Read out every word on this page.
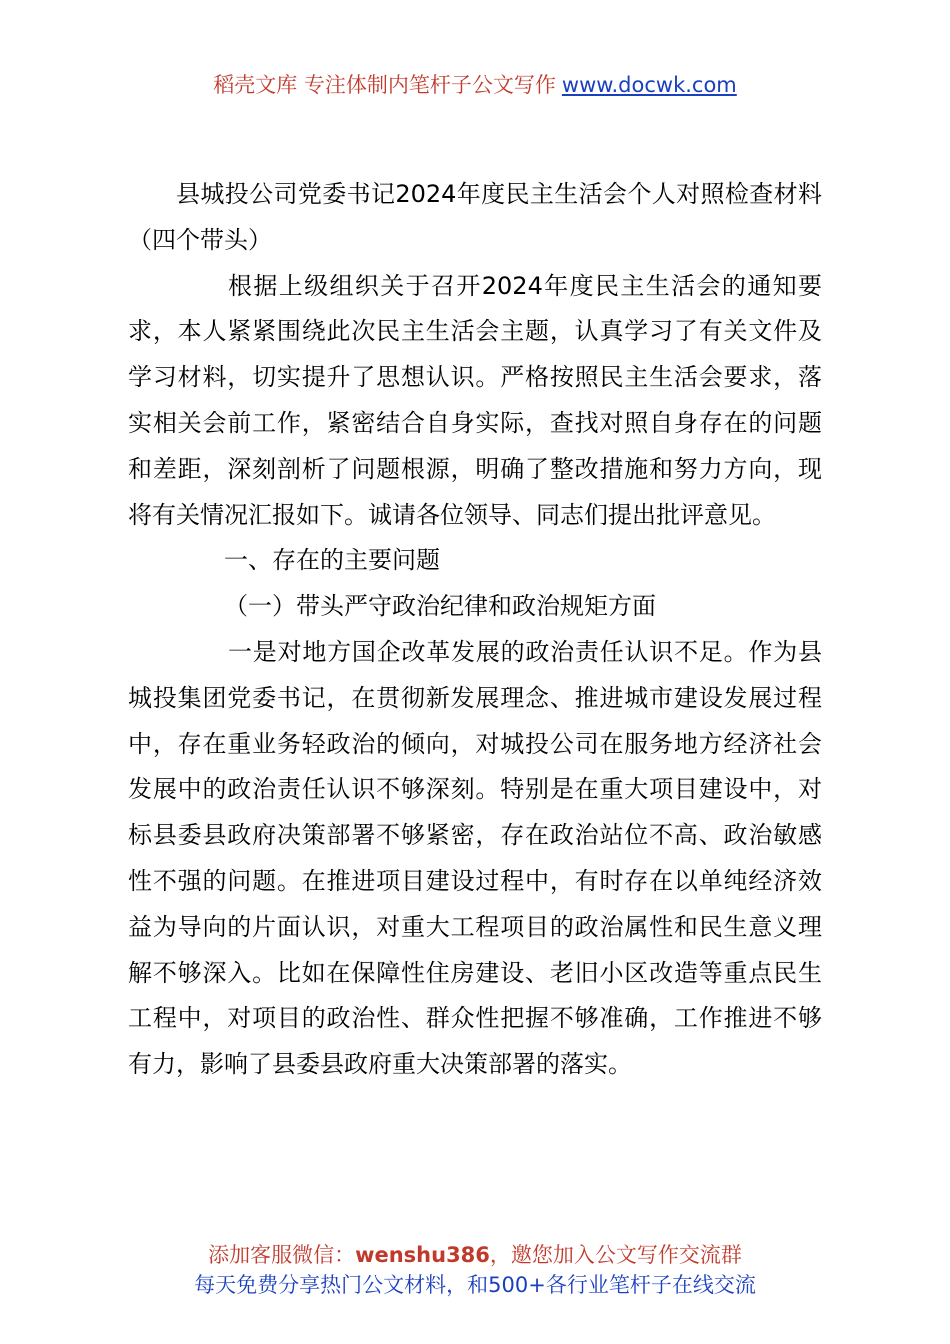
稻壳文库 专注体制内笔杆子公文写作 www.docwk.com

县城投公司党委书记2024年度民主生活会个人对照检查材料（四个带头）

根据上级组织关于召开2024年度民主生活会的通知要求，本人紧紧围绕此次民主生活会主题，认真学习了有关文件及学习材料，切实提升了思想认识。严格按照民主生活会要求，落实相关会前工作，紧密结合自身实际，查找对照自身存在的问题和差距，深刻剖析了问题根源，明确了整改措施和努力方向，现将有关情况汇报如下。诚请各位领导、同志们提出批评意见。

一、存在的主要问题

（一）带头严守政治纪律和政治规矩方面

一是对地方国企改革发展的政治责任认识不足。作为县城投集团党委书记，在贯彻新发展理念、推进城市建设发展过程中，存在重业务轻政治的倾向，对城投公司在服务地方经济社会发展中的政治责任认识不够深刻。特别是在重大项目建设中，对标县委县政府决策部署不够紧密，存在政治站位不高、政治敏感性不强的问题。在推进项目建设过程中，有时存在以单纯经济效益为导向的片面认识，对重大工程项目的政治属性和民生意义理解不够深入。比如在保障性住房建设、老旧小区改造等重点民生工程中，对项目的政治性、群众性把握不够准确，工作推进不够有力，影响了县委县政府重大决策部署的落实。

添加客服微信：wenshu386，邀您加入公文写作交流群
每天免费分享热门公文材料，和500+各行业笔杆子在线交流
